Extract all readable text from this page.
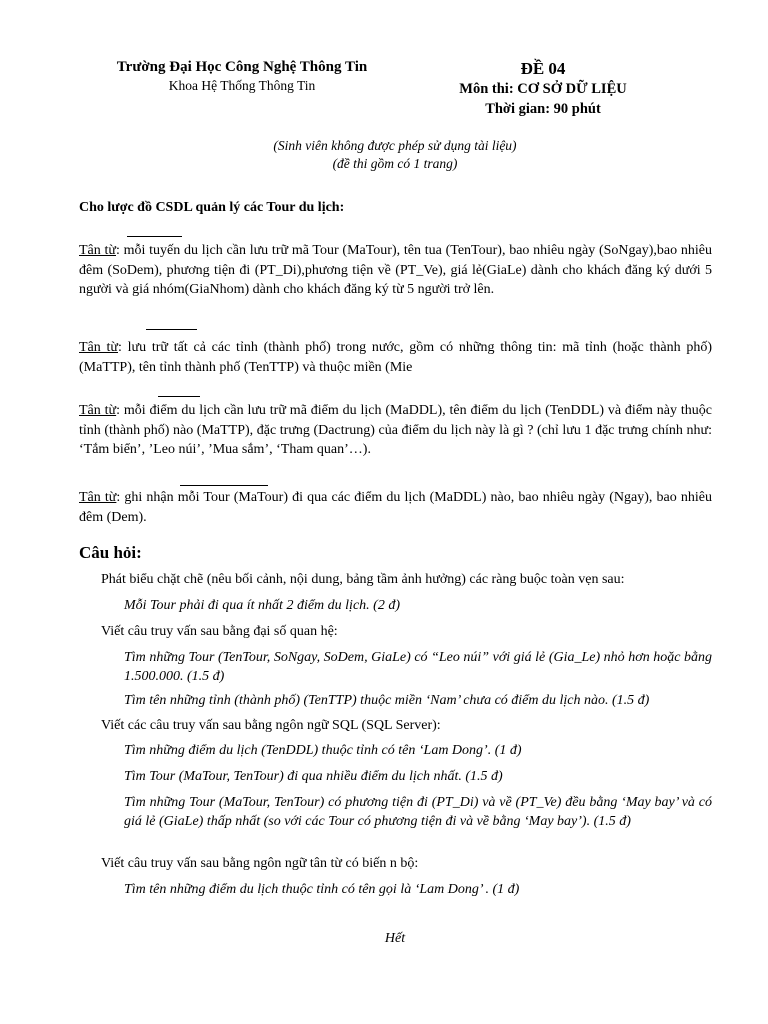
Trường Đại Học Công Nghệ Thông Tin
Khoa Hệ Thống Thông Tin
ĐỀ 04
Môn thi: CƠ SỞ DỮ LIỆU
Thời gian: 90 phút
(Sinh viên không được phép sử dụng tài liệu)
(đề thi gồm có 1 trang)
Cho lược đồ CSDL quản lý các Tour du lịch:
Tân từ: mỗi tuyến du lịch cần lưu trữ mã Tour (MaTour), tên tua (TenTour), bao nhiêu ngày (SoNgay),bao nhiêu đêm (SoDem), phương tiện đi (PT_Di),phương tiện về (PT_Ve), giá lẻ(GiaLe) dành cho khách đăng ký dưới 5 người và giá nhóm(GiaNhom) dành cho khách đăng ký từ 5 người trở lên.
Tân từ: lưu trữ tất cả các tỉnh (thành phố) trong nước, gồm có những thông tin: mã tỉnh (hoặc thành phố) (MaTTP), tên tỉnh thành phố (TenTTP) và thuộc miền (Mie
Tân từ: mỗi điểm du lịch cần lưu trữ mã điểm du lịch (MaDDL), tên điểm du lịch (TenDDL) và điểm này thuộc tỉnh (thành phố) nào (MaTTP), đặc trưng (Dactrung) của điểm du lịch này là gì ? (chỉ lưu 1 đặc trưng chính như: ‘Tắm biển’, ’Leo núi’, ’Mua sắm’, ‘Tham quan’…).
Tân từ: ghi nhận mỗi Tour (MaTour) đi qua các điểm du lịch (MaDDL) nào, bao nhiêu ngày (Ngay), bao nhiêu đêm (Dem).
Câu hỏi:
Phát biểu chặt chẽ (nêu bối cảnh, nội dung, bảng tầm ảnh hưởng) các ràng buộc toàn vẹn sau:
Mỗi Tour phải đi qua ít nhất 2 điểm du lịch. (2 đ)
Viết câu truy vấn sau bằng đại số quan hệ:
Tìm những Tour (TenTour, SoNgay, SoDem, GiaLe) có “Leo núi” với giá lẻ (Gia_Le) nhỏ hơn hoặc bằng 1.500.000. (1.5 đ)
Tìm tên những tỉnh (thành phố) (TenTTP) thuộc miền ‘Nam’ chưa có điểm du lịch nào. (1.5 đ)
Viết các câu truy vấn sau bằng ngôn ngữ SQL (SQL Server):
Tìm những điểm du lịch (TenDDL) thuộc tỉnh có tên ‘Lam Dong’. (1 đ)
Tìm Tour (MaTour, TenTour) đi qua nhiều điểm du lịch nhất. (1.5 đ)
Tìm những Tour (MaTour, TenTour) có phương tiện đi (PT_Di) và về (PT_Ve) đều bằng ‘May bay’ và có giá lẻ (GiaLe) thấp nhất (so với các Tour có phương tiện đi và về bằng ‘May bay’). (1.5 đ)
Viết câu truy vấn sau bằng ngôn ngữ tân từ có biến n bộ:
Tìm tên những điểm du lịch thuộc tỉnh có tên gọi là ‘Lam Dong’ . (1 đ)
Hết
